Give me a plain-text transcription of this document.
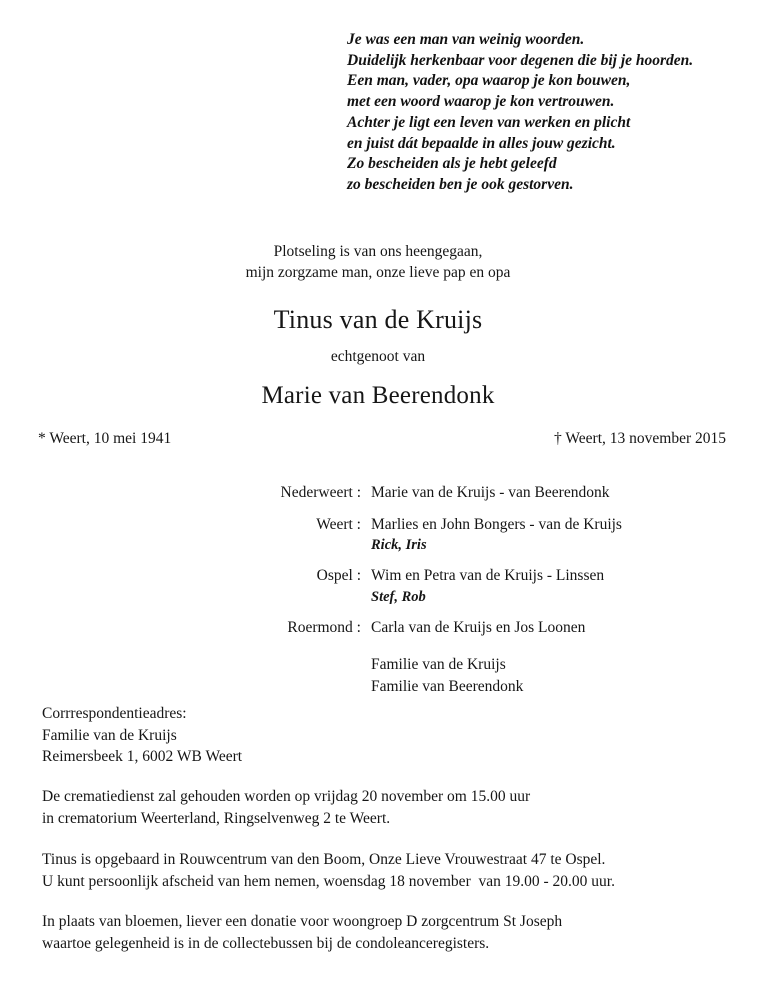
Je was een man van weinig woorden.
Duidelijk herkenbaar voor degenen die bij je hoorden.
Een man, vader, opa waarop je kon bouwen,
met een woord waarop je kon vertrouwen.
Achter je ligt een leven van werken en plicht
en juist dát bepaalde in alles jouw gezicht.
Zo bescheiden als je hebt geleefd
zo bescheiden ben je ook gestorven.
Plotseling is van ons heengegaan,
mijn zorgzame man, onze lieve pap en opa
Tinus van de Kruijs
echtgenoot van
Marie van Beerendonk
* Weert, 10 mei 1941	† Weert, 13 november 2015
Nederweert : Marie van de Kruijs - van Beerendonk
Weert : Marlies en John Bongers - van de Kruijs
Rick, Iris
Ospel : Wim en Petra van de Kruijs - Linssen
Stef, Rob
Roermond : Carla van de Kruijs en Jos Loonen
Familie van de Kruijs
Familie van Beerendonk
Corrrespondentieadres:
Familie van de Kruijs
Reimersbeek 1, 6002 WB Weert
De crematiedienst zal gehouden worden op vrijdag 20 november om 15.00 uur
in crematorium Weerterland, Ringselvenweg 2 te Weert.
Tinus is opgebaard in Rouwcentrum van den Boom, Onze Lieve Vrouwestraat 47 te Ospel.
U kunt persoonlijk afscheid van hem nemen, woensdag 18 november  van 19.00 - 20.00 uur.
In plaats van bloemen, liever een donatie voor woongroep D zorgcentrum St Joseph
waartoe gelegenheid is in de collectebussen bij de condoleanceregisters.
